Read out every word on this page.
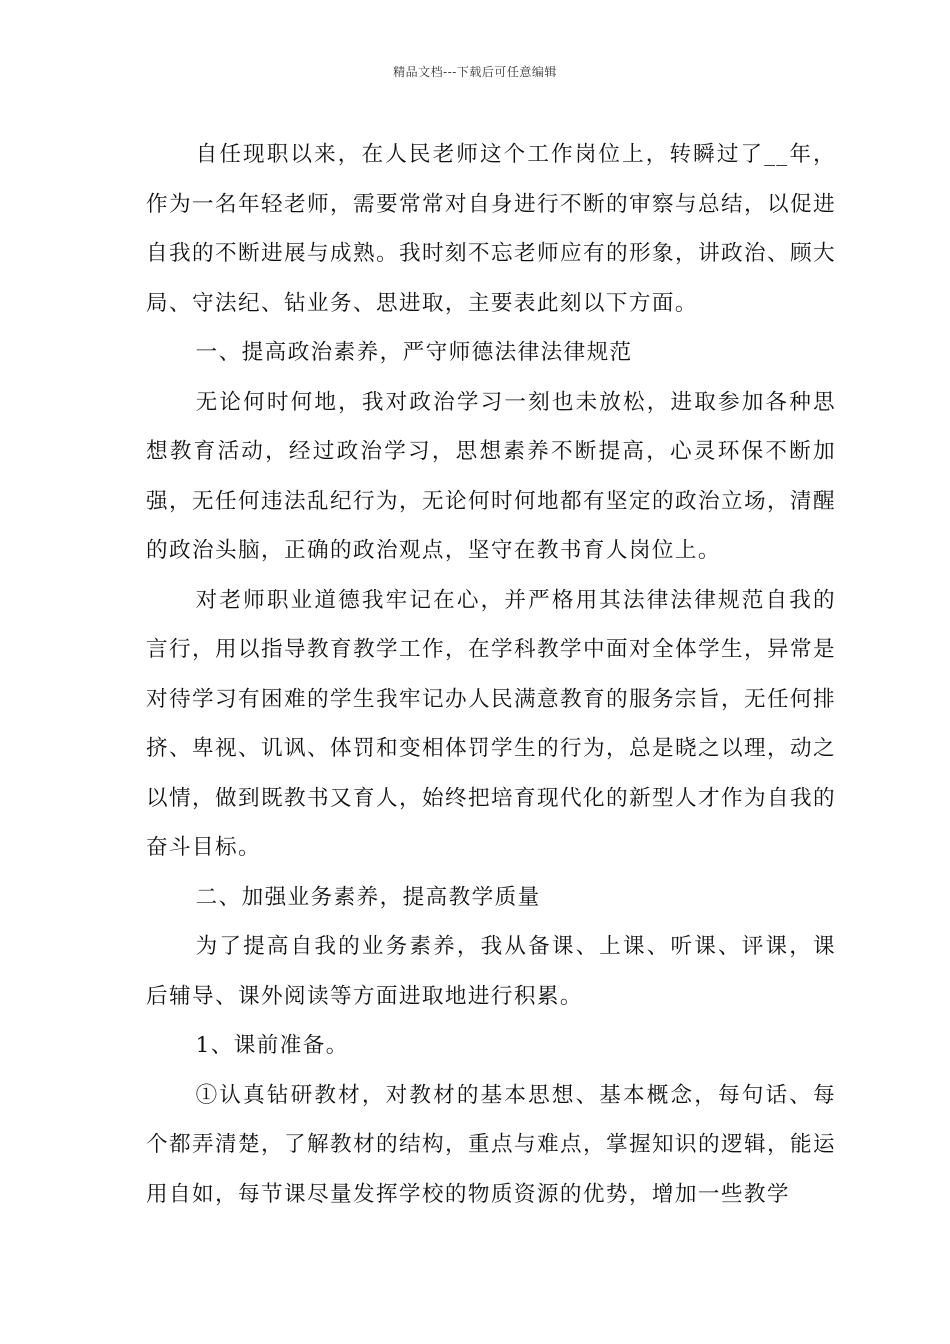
精品文档---下载后可任意编辑

自任现职以来，在人民老师这个工作岗位上，转瞬过了__年，作为一名年轻老师，需要常常对自身进行不断的审察与总结，以促进自我的不断进展与成熟。我时刻不忘老师应有的形象，讲政治、顾大局、守法纪、钻业务、思进取，主要表此刻以下方面。

一、提高政治素养，严守师德法律法律规范

无论何时何地，我对政治学习一刻也未放松，进取参加各种思想教育活动，经过政治学习，思想素养不断提高，心灵环保不断加强，无任何违法乱纪行为，无论何时何地都有坚定的政治立场，清醒的政治头脑，正确的政治观点，坚守在教书育人岗位上。

对老师职业道德我牢记在心，并严格用其法律法律规范自我的言行，用以指导教育教学工作，在学科教学中面对全体学生，异常是对待学习有困难的学生我牢记办人民满意教育的服务宗旨，无任何排挤、卑视、讥讽、体罚和变相体罚学生的行为，总是晓之以理，动之以情，做到既教书又育人，始终把培育现代化的新型人才作为自我的奋斗目标。

二、加强业务素养，提高教学质量

为了提高自我的业务素养，我从备课、上课、听课、评课，课后辅导、课外阅读等方面进取地进行积累。

1、课前准备。

①认真钻研教材，对教材的基本思想、基本概念，每句话、每个都弄清楚，了解教材的结构，重点与难点，掌握知识的逻辑，能运用自如，每节课尽量发挥学校的物质资源的优势，增加一些教学
